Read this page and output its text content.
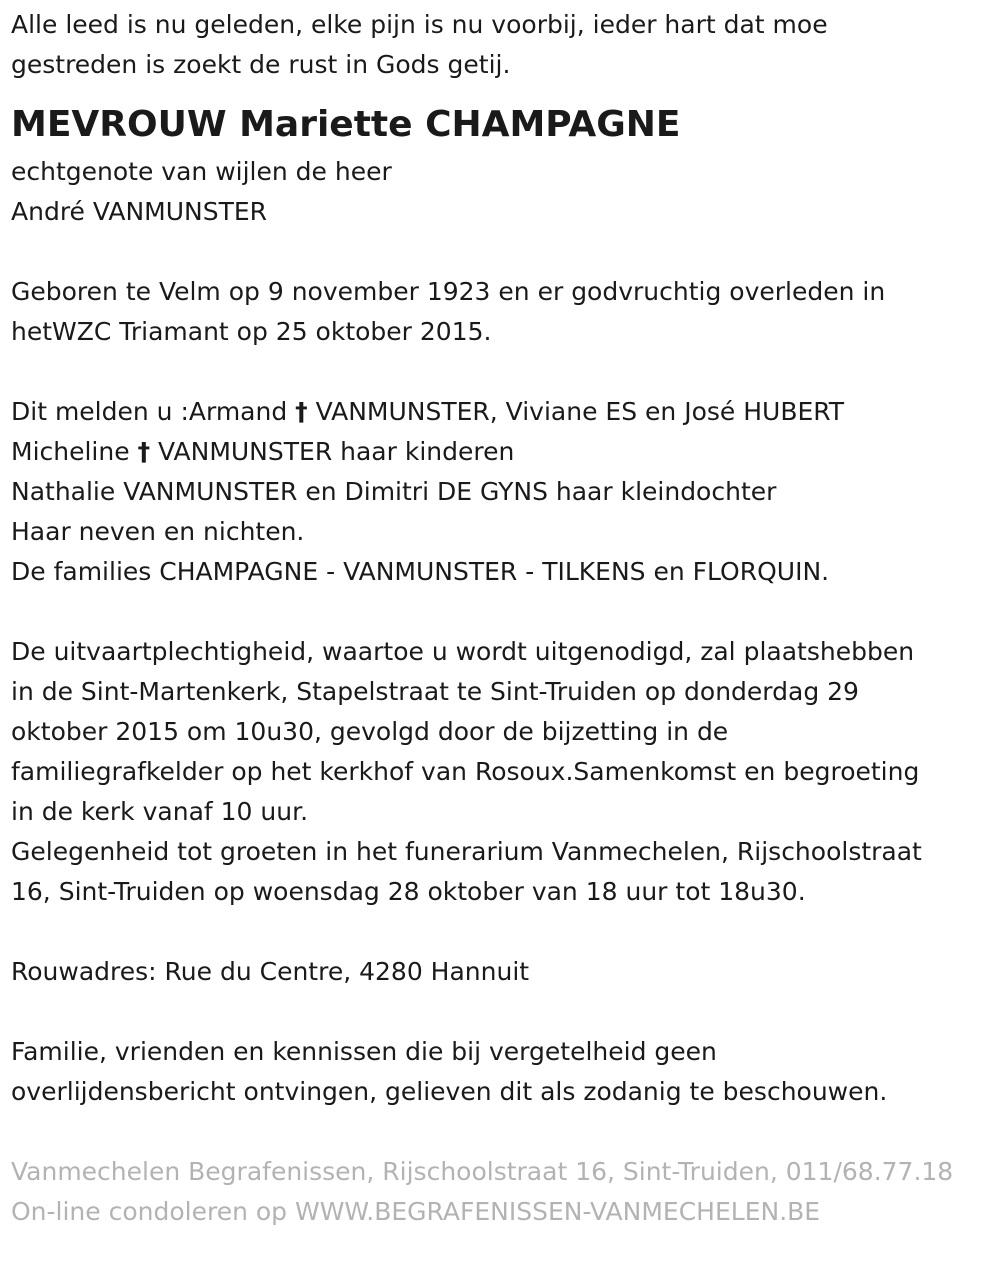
Alle leed is nu geleden, elke pijn is nu voorbij, ieder hart dat moe
gestreden is zoekt de rust in Gods getij.
MEVROUW Mariette CHAMPAGNE
echtgenote van wijlen de heer
André VANMUNSTER
Geboren te Velm op 9 november 1923 en er godvruchtig overleden in
hetWZC Triamant op 25 oktober 2015.
Dit melden u :Armand † VANMUNSTER, Viviane ES en José HUBERT
Micheline † VANMUNSTER haar kinderen
Nathalie VANMUNSTER en Dimitri DE GYNS haar kleindochter
Haar neven en nichten.
De families CHAMPAGNE - VANMUNSTER - TILKENS en FLORQUIN.
De uitvaartplechtigheid, waartoe u wordt uitgenodigd, zal plaatshebben
in de Sint-Martenkerk, Stapelstraat te Sint-Truiden op donderdag 29
oktober 2015 om 10u30, gevolgd door de bijzetting in de
familiegrafkelder op het kerkhof van Rosoux.Samenkomst en begroeting
in de kerk vanaf 10 uur.
Gelegenheid tot groeten in het funerarium Vanmechelen, Rijschoolstraat
16, Sint-Truiden op woensdag 28 oktober van 18 uur tot 18u30.
Rouwadres: Rue du Centre, 4280 Hannuit
Familie, vrienden en kennissen die bij vergetelheid geen
overlijdensbericht ontvingen, gelieven dit als zodanig te beschouwen.
Vanmechelen Begrafenissen, Rijschoolstraat 16, Sint-Truiden, 011/68.77.18
On-line condoleren op WWW.BEGRAFENISSEN-VANMECHELEN.BE
